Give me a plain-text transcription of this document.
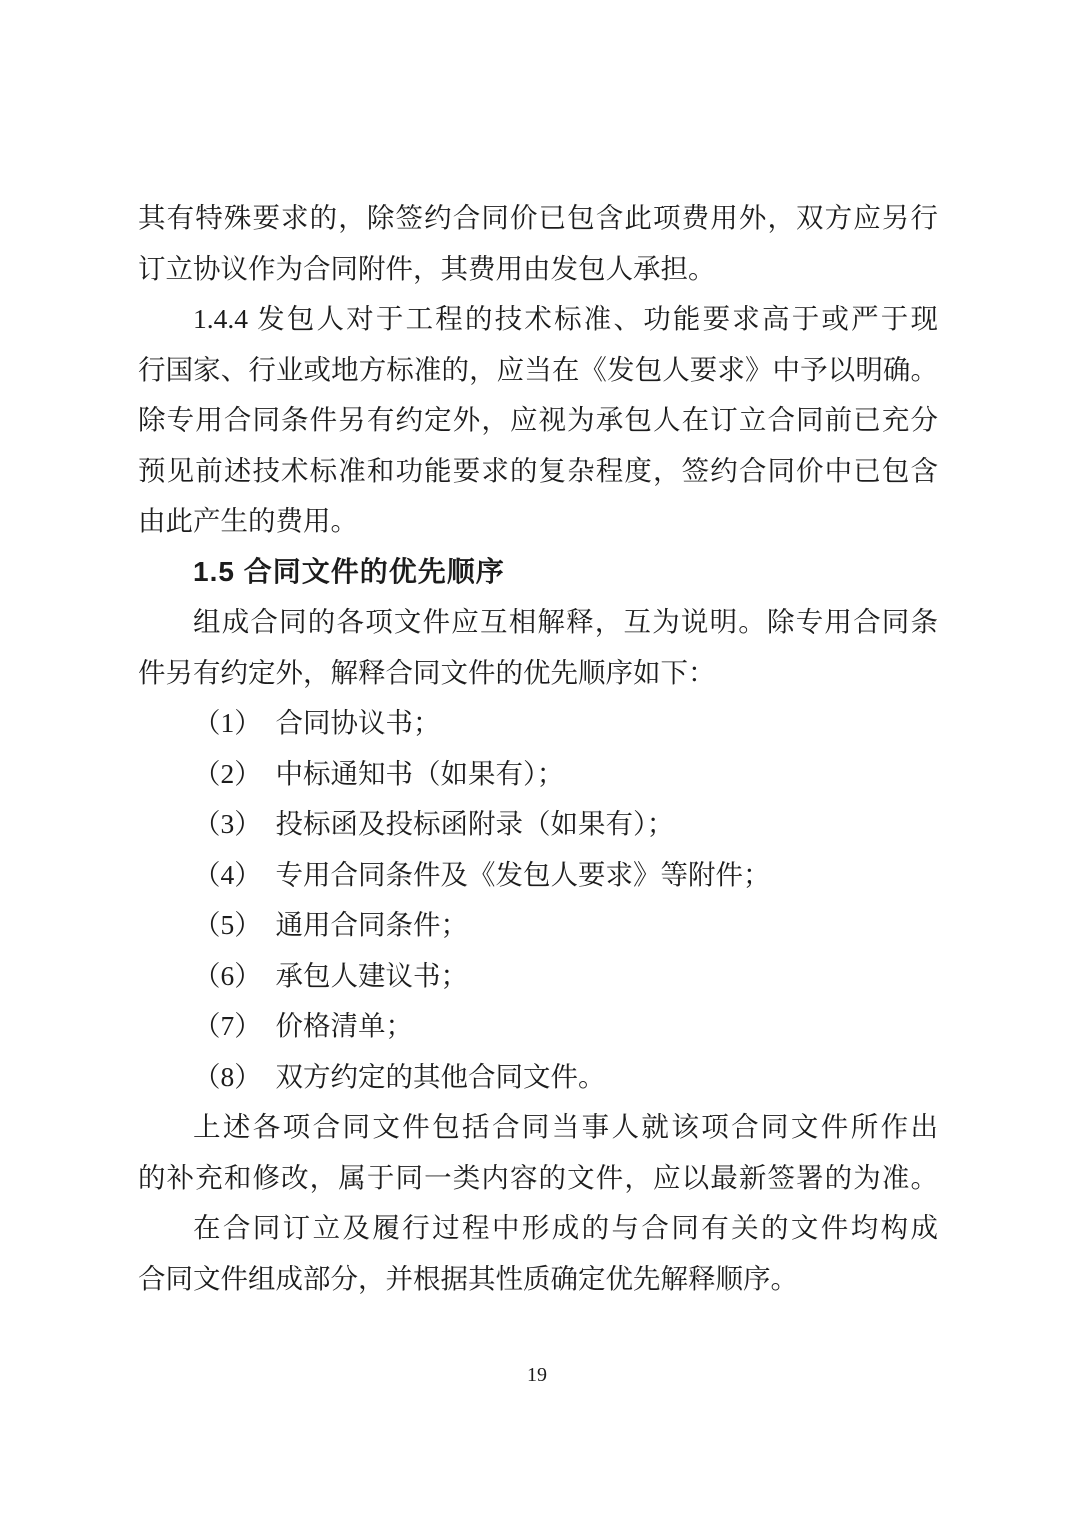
其有特殊要求的，除签约合同价已包含此项费用外，双方应另行
订立协议作为合同附件，其费用由发包人承担。
1.4.4 发包人对于工程的技术标准、功能要求高于或严于现
行国家、行业或地方标准的，应当在《发包人要求》中予以明确。
除专用合同条件另有约定外，应视为承包人在订立合同前已充分
预见前述技术标准和功能要求的复杂程度，签约合同价中已包含
由此产生的费用。
1.5 合同文件的优先顺序
组成合同的各项文件应互相解释，互为说明。除专用合同条
件另有约定外，解释合同文件的优先顺序如下：
（1）　合同协议书；
（2）　中标通知书（如果有）；
（3）　投标函及投标函附录（如果有）；
（4）　专用合同条件及《发包人要求》等附件；
（5）　通用合同条件；
（6）　承包人建议书；
（7）　价格清单；
（8）　双方约定的其他合同文件。
上述各项合同文件包括合同当事人就该项合同文件所作出
的补充和修改，属于同一类内容的文件，应以最新签署的为准。
在合同订立及履行过程中形成的与合同有关的文件均构成
合同文件组成部分，并根据其性质确定优先解释顺序。
19
